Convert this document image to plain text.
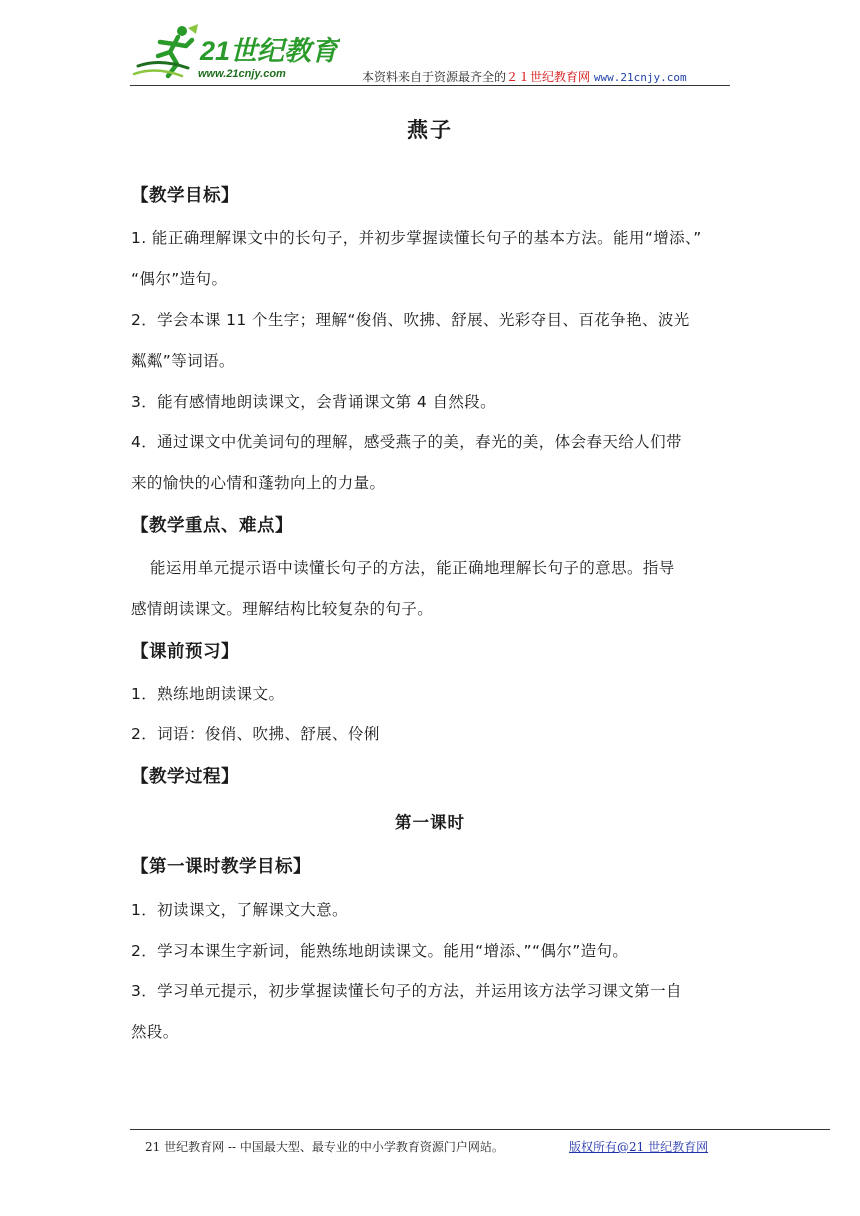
21世纪教育
www.21cnjy.com	本资料来自于资源最齐全的２１世纪教育网 www.21cnjy.com
燕子
【教学目标】
1. 能正确理解课文中的长句子，并初步掌握读懂长句子的基本方法。能用“增添、”
“偶尔”造句。
2．学会本课 11 个生字；理解“俊俏、吹拂、舒展、光彩夺目、百花争艳、波光
粼粼”等词语。
3．能有感情地朗读课文，会背诵课文第 4 自然段。
4．通过课文中优美词句的理解，感受燕子的美，春光的美，体会春天给人们带
来的愉快的心情和蓬勃向上的力量。
【教学重点、难点】
能运用单元提示语中读懂长句子的方法，能正确地理解长句子的意思。指导
感情朗读课文。理解结构比较复杂的句子。
【课前预习】
1．熟练地朗读课文。
2．词语：俊俏、吹拂、舒展、伶俐
【教学过程】
第一课时
【第一课时教学目标】
1．初读课文，了解课文大意。
2．学习本课生字新词，能熟练地朗读课文。能用“增添、”“偶尔”造句。
3．学习单元提示，初步掌握读懂长句子的方法，并运用该方法学习课文第一自
然段。
21 世纪教育网 -- 中国最大型、最专业的中小学教育资源门户网站。	版权所有@21 世纪教育网
